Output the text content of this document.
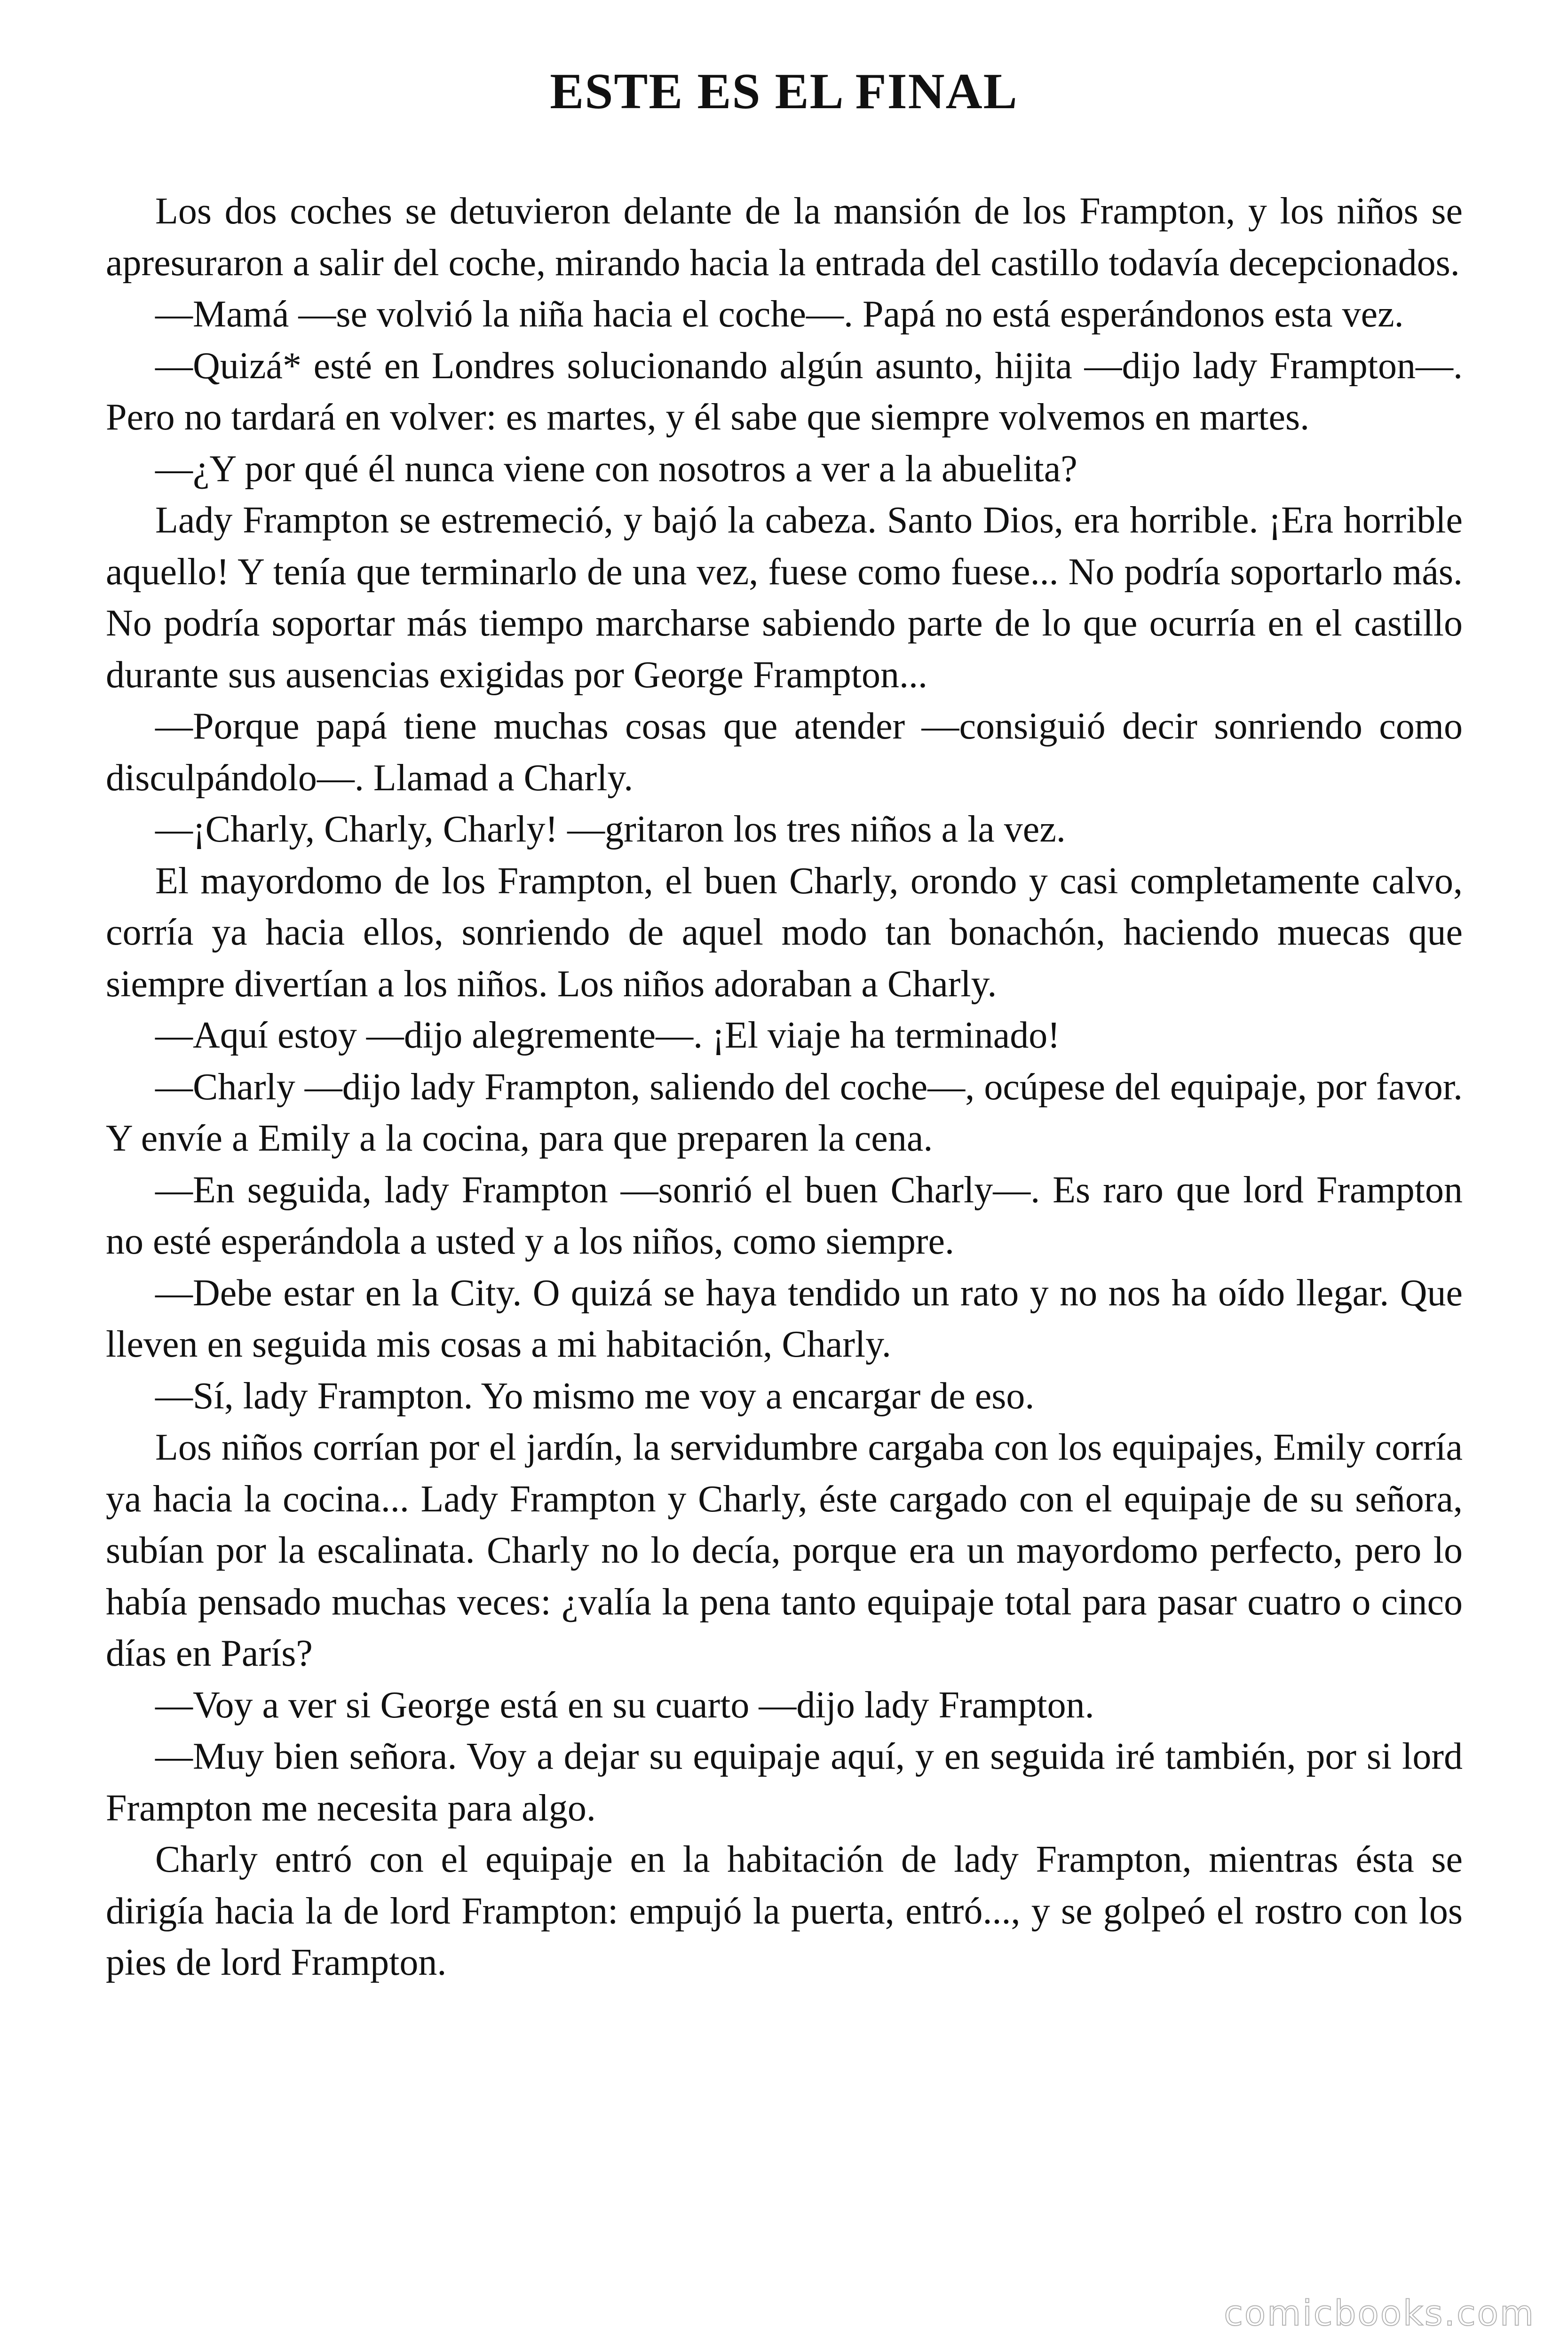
ESTE ES EL FINAL

Los dos coches se detuvieron delante de la mansión de los Frampton, y los niños se apresuraron a salir del coche, mirando hacia la entrada del castillo todavía decepcionados.

—Mamá —se volvió la niña hacia el coche—. Papá no está esperándonos esta vez.

—Quizá* esté en Londres solucionando algún asunto, hijita —dijo lady Frampton—. Pero no tardará en volver: es martes, y él sabe que siempre volvemos en martes.

—¿Y por qué él nunca viene con nosotros a ver a la abuelita?

Lady Frampton se estremeció, y bajó la cabeza. Santo Dios, era horrible. ¡Era horrible aquello! Y tenía que terminarlo de una vez, fuese como fuese... No podría soportarlo más. No podría soportar más tiempo marcharse sabiendo parte de lo que ocurría en el castillo durante sus ausencias exigidas por George Frampton...

—Porque papá tiene muchas cosas que atender —consiguió decir sonriendo como disculpándolo—. Llamad a Charly.

—¡Charly, Charly, Charly! —gritaron los tres niños a la vez.

El mayordomo de los Frampton, el buen Charly, orondo y casi completamente calvo, corría ya hacia ellos, sonriendo de aquel modo tan bonachón, haciendo muecas que siempre divertían a los niños. Los niños adoraban a Charly.

—Aquí estoy —dijo alegremente—. ¡El viaje ha terminado!

—Charly —dijo lady Frampton, saliendo del coche—, ocúpese del equipaje, por favor. Y envíe a Emily a la cocina, para que preparen la cena.

—En seguida, lady Frampton —sonrió el buen Charly—. Es raro que lord Frampton no esté esperándola a usted y a los niños, como siempre.

—Debe estar en la City. O quizá se haya tendido un rato y no nos ha oído llegar. Que lleven en seguida mis cosas a mi habitación, Charly.

—Sí, lady Frampton. Yo mismo me voy a encargar de eso.

Los niños corrían por el jardín, la servidumbre cargaba con los equipajes, Emily corría ya hacia la cocina... Lady Frampton y Charly, éste cargado con el equipaje de su señora, subían por la escalinata. Charly no lo decía, porque era un mayordomo perfecto, pero lo había pensado muchas veces: ¿valía la pena tanto equipaje total para pasar cuatro o cinco días en París?

—Voy a ver si George está en su cuarto —dijo lady Frampton.

—Muy bien señora. Voy a dejar su equipaje aquí, y en seguida iré también, por si lord Frampton me necesita para algo.

Charly entró con el equipaje en la habitación de lady Frampton, mientras ésta se dirigía hacia la de lord Frampton: empujó la puerta, entró..., y se golpeó el rostro con los pies de lord Frampton.

comicbooks.com
